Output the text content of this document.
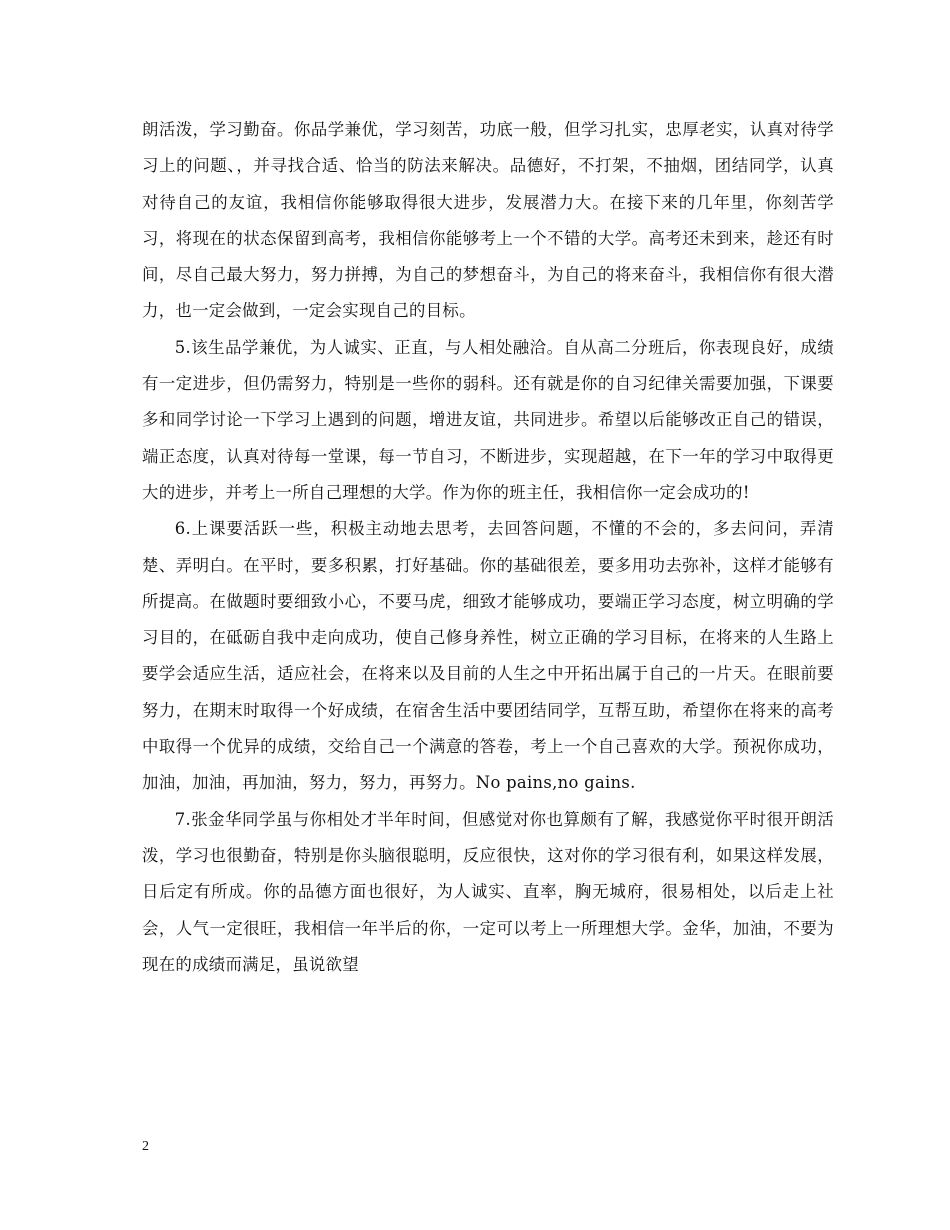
朗活泼，学习勤奋。你品学兼优，学习刻苦，功底一般，但学习扎实，忠厚老实，认真对待学习上的问题、，并寻找合适、恰当的防法来解决。品德好，不打架，不抽烟，团结同学，认真对待自己的友谊，我相信你能够取得很大进步，发展潜力大。在接下来的几年里，你刻苦学习，将现在的状态保留到高考，我相信你能够考上一个不错的大学。高考还未到来，趁还有时间，尽自己最大努力，努力拼搏，为自己的梦想奋斗，为自己的将来奋斗，我相信你有很大潜力，也一定会做到，一定会实现自己的目标。

5.该生品学兼优，为人诚实、正直，与人相处融洽。自从高二分班后，你表现良好，成绩有一定进步，但仍需努力，特别是一些你的弱科。还有就是你的自习纪律关需要加强，下课要多和同学讨论一下学习上遇到的问题，增进友谊，共同进步。希望以后能够改正自己的错误，端正态度，认真对待每一堂课，每一节自习，不断进步，实现超越，在下一年的学习中取得更大的进步，并考上一所自己理想的大学。作为你的班主任，我相信你一定会成功的!

6.上课要活跃一些，积极主动地去思考，去回答问题，不懂的不会的，多去问问，弄清楚、弄明白。在平时，要多积累，打好基础。你的基础很差，要多用功去弥补，这样才能够有所提高。在做题时要细致小心，不要马虎，细致才能够成功，要端正学习态度，树立明确的学习目的，在砥砺自我中走向成功，使自己修身养性，树立正确的学习目标，在将来的人生路上要学会适应生活，适应社会，在将来以及目前的人生之中开拓出属于自己的一片天。在眼前要努力，在期末时取得一个好成绩，在宿舍生活中要团结同学，互帮互助，希望你在将来的高考中取得一个优异的成绩，交给自己一个满意的答卷，考上一个自己喜欢的大学。预祝你成功，加油，加油，再加油，努力，努力，再努力。No pains,no gains.

7.张金华同学虽与你相处才半年时间，但感觉对你也算颇有了解，我感觉你平时很开朗活泼，学习也很勤奋，特别是你头脑很聪明，反应很快，这对你的学习很有利，如果这样发展，日后定有所成。你的品德方面也很好，为人诚实、直率，胸无城府，很易相处，以后走上社会，人气一定很旺，我相信一年半后的你，一定可以考上一所理想大学。金华，加油，不要为现在的成绩而满足，虽说欲望

2
